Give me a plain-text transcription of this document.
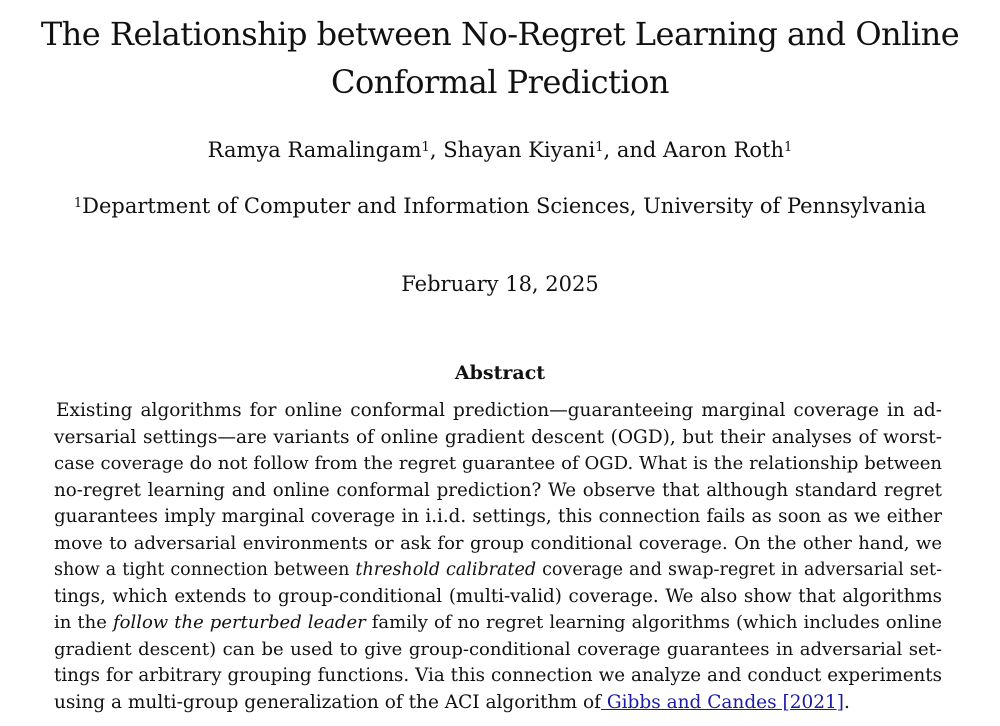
The Relationship between No-Regret Learning and Online
Conformal Prediction
Ramya Ramalingam$^1$, Shayan Kiyani$^1$, and Aaron Roth$^1$
$^1$Department of Computer and Information Sciences, University of Pennsylvania
February 18, 2025
Abstract
Existing algorithms for online conformal prediction—guaranteeing marginal coverage in ad-
versarial settings—are variants of online gradient descent (OGD), but their analyses of worst-
case coverage do not follow from the regret guarantee of OGD. What is the relationship between
no-regret learning and online conformal prediction? We observe that although standard regret
guarantees imply marginal coverage in i.i.d. settings, this connection fails as soon as we either
move to adversarial environments or ask for group conditional coverage. On the other hand, we
show a tight connection between threshold calibrated coverage and swap-regret in adversarial set-
tings, which extends to group-conditional (multi-valid) coverage. We also show that algorithms
in the follow the perturbed leader family of no regret learning algorithms (which includes online
gradient descent) can be used to give group-conditional coverage guarantees in adversarial set-
tings for arbitrary grouping functions. Via this connection we analyze and conduct experiments
using a multi-group generalization of the ACI algorithm of Gibbs and Candes [2021].
